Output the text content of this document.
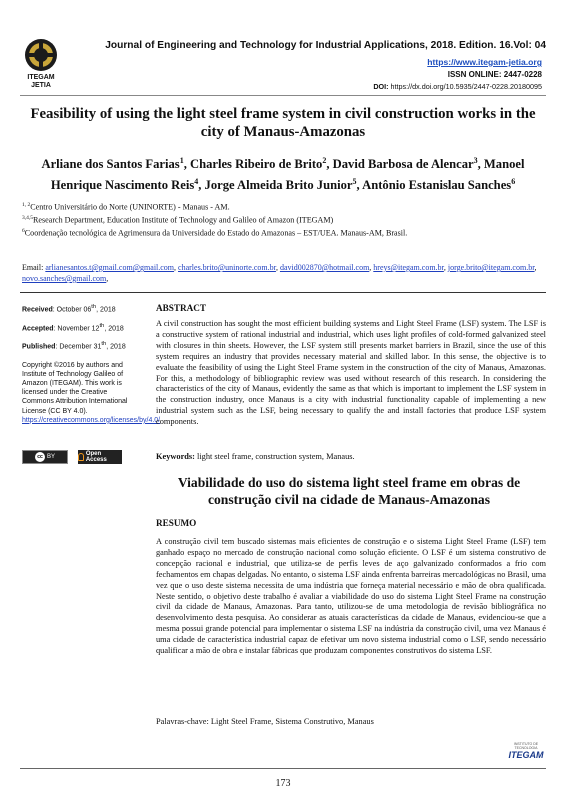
ITEGAM
JETIA
Journal of Engineering and Technology for Industrial Applications, 2018. Edition. 16.Vol: 04
https://www.itegam-jetia.org
ISSN ONLINE: 2447-0228
DOI: https://dx.doi.org/10.5935/2447-0228.20180095
Feasibility of using the light steel frame system in civil construction works in the city of Manaus-Amazonas
Arliane dos Santos Farias$^1$, Charles Ribeiro de Brito$^2$, David Barbosa de Alencar$^3$, Manoel Henrique Nascimento Reis$^4$, Jorge Almeida Brito Junior$^5$, Antônio Estanislau Sanches$^6$
$^{1, 2}$Centro Universitário do Norte (UNINORTE) - Manaus - AM.
$^{3,4,5}$Research Department, Education Institute of Technology and Galileo of Amazon (ITEGAM)
$^6$Coordenação tecnológica de Agrimensura da Universidade do Estado do Amazonas – EST/UEA. Manaus-AM, Brasil.
Email: arlianesantos.t@gmail.com@gmail.com, charles.brito@uninorte.com.br, david002870@hotmail.com, hreys@itegam.com.br, jorge.brito@itegam.com.br, novo.sanches@gmail.com,
Received: October 06th, 2018
Accepted: November 12th, 2018
Published: December 31th, 2018
Copyright ©2016 by authors and Institute of Technology Galileo of Amazon (ITEGAM). This work is licensed under the Creative Commons Attribution International License (CC BY 4.0).
https://creativecommons.org/licenses/by/4.0/
cc BY	Open Access

ABSTRACT

A civil construction has sought the most efficient building systems and Light Steel Frame (LSF) system. The LSF is a constructive system of rational industrial and industrial, which uses light profiles of cold-formed galvanized steel with closures in thin sheets. However, the LSF system still presents market barriers in Brazil, since the use of this system requires an industry that provides necessary material and skilled labor. In this sense, the objective is to evaluate the feasibility of using the Light Steel Frame system in the construction of the city of Manaus, Amazonas. For this, a methodology of bibliographic review was used without research of this research. In considering the characteristics of the city of Manaus, evidently the same as that which is important to implement the LSF system in the construction industry, once Manaus is a city with industrial functionality capable of implementing a new industrial system such as the LSF, being necessary to qualify the and install factories that produce LSF system components.

Keywords: light steel frame, construction system, Manaus.
Viabilidade do uso do sistema light steel frame em obras de construção civil na cidade de Manaus-Amazonas
RESUMO

A construção civil tem buscado sistemas mais eficientes de construção e o sistema Light Steel Frame (LSF) tem ganhado espaço no mercado de construção nacional como solução eficiente. O LSF é um sistema construtivo de concepção racional e industrial, que utiliza-se de perfis leves de aço galvanizado conformados a frio com fechamentos em chapas delgadas. No entanto, o sistema LSF ainda enfrenta barreiras mercadológicas no Brasil, uma vez que o uso deste sistema necessita de uma indústria que forneça material necessário e mão de obra qualificada. Neste sentido, o objetivo deste trabalho é avaliar a viabilidade do uso do sistema Light Steel Frame na construção civil da cidade de Manaus, Amazonas. Para tanto, utilizou-se de uma metodologia de revisão bibliográfica no desenvolvimento desta pesquisa. Ao considerar as atuais características da cidade de Manaus, evidenciou-se que a mesma possui grande potencial para implementar o sistema LSF na indústria da construção civil, uma vez Manaus é uma cidade de característica industrial capaz de efetivar um novo sistema industrial como o LSF, sendo necessário qualificar a mão de obra e instalar fábricas que produzam componentes construtivos do sistema LSF.

Palavras-chave: Light Steel Frame, Sistema Construtivo, Manaus
INSTITUTO DE TECNOLOGIA
ITEGAM
173
